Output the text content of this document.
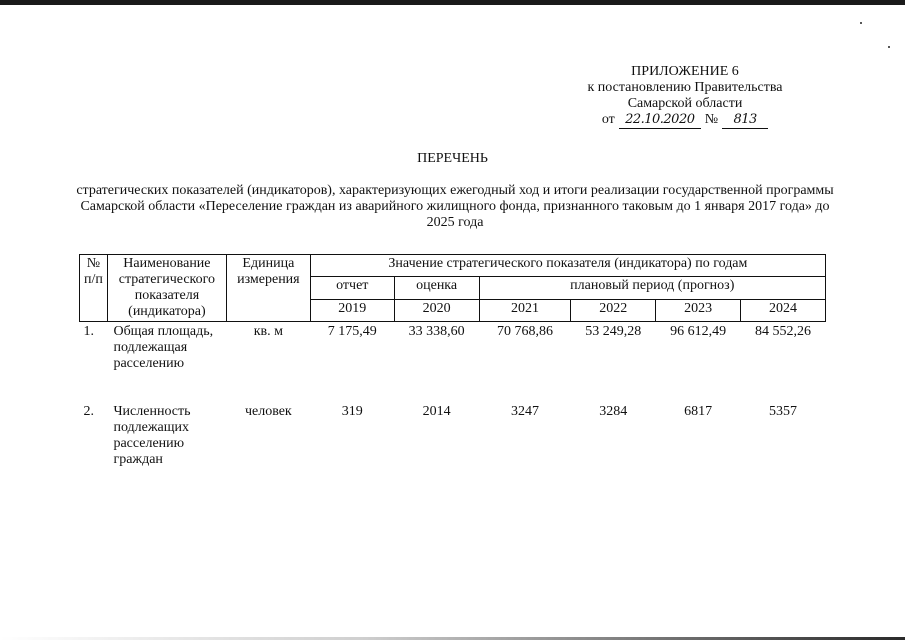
ПРИЛОЖЕНИЕ 6
к постановлению Правительства
Самарской области
от 22.10.2020 №	813
ПЕРЕЧЕНЬ
стратегических показателей (индикаторов), характеризующих ежегодный ход и итоги реализации государственной программы Самарской области «Переселение граждан из аварийного жилищного фонда, признанного таковым до 1 января 2017 года» до 2025 года
№ п/п	Наименование стратегического показателя (индикатора)	Единица измерения	Значение стратегического показателя (индикатора) по годам					
			отчет	оценка	плановый период (прогноз)			
			2019	2020	2021	2022	2023	2024
1.	Общая площадь, подлежащая расселению	кв. м	7 175,49	33 338,60	70 768,86	53 249,28	96 612,49	84 552,26

2.	Численность подлежащих расселению граждан	человек	319	2014	3247	3284	6817	5357
